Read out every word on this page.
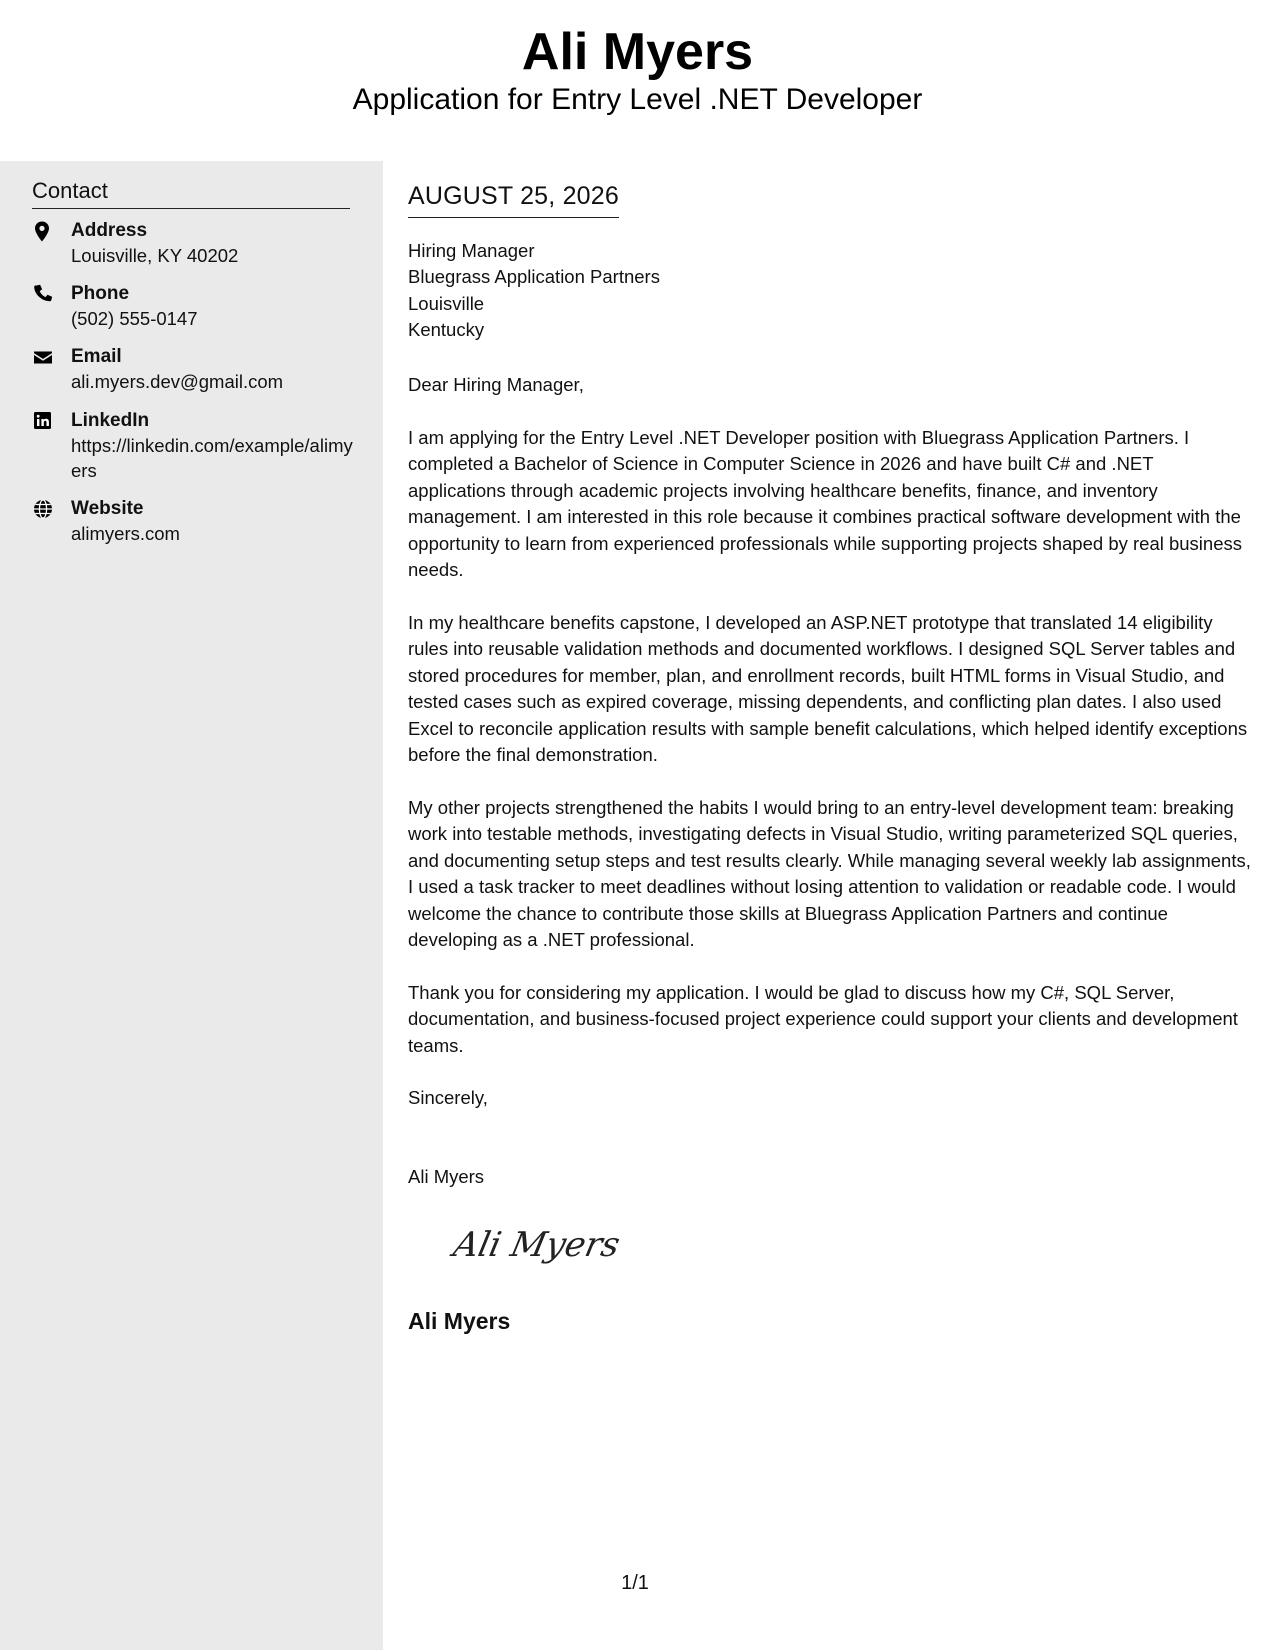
Ali Myers
Application for Entry Level .NET Developer
Contact
Address
Louisville, KY 40202
Phone
(502) 555-0147
Email
ali.myers.dev@gmail.com
LinkedIn
https://linkedin.com/example/alimyers
Website
alimyers.com
AUGUST 25, 2026
Hiring Manager
Bluegrass Application Partners
Louisville
Kentucky
Dear Hiring Manager,
I am applying for the Entry Level .NET Developer position with Bluegrass Application Partners. I completed a Bachelor of Science in Computer Science in 2026 and have built C# and .NET applications through academic projects involving healthcare benefits, finance, and inventory management. I am interested in this role because it combines practical software development with the opportunity to learn from experienced professionals while supporting projects shaped by real business needs.
In my healthcare benefits capstone, I developed an ASP.NET prototype that translated 14 eligibility rules into reusable validation methods and documented workflows. I designed SQL Server tables and stored procedures for member, plan, and enrollment records, built HTML forms in Visual Studio, and tested cases such as expired coverage, missing dependents, and conflicting plan dates. I also used Excel to reconcile application results with sample benefit calculations, which helped identify exceptions before the final demonstration.
My other projects strengthened the habits I would bring to an entry-level development team: breaking work into testable methods, investigating defects in Visual Studio, writing parameterized SQL queries, and documenting setup steps and test results clearly. While managing several weekly lab assignments, I used a task tracker to meet deadlines without losing attention to validation or readable code. I would welcome the chance to contribute those skills at Bluegrass Application Partners and continue developing as a .NET professional.
Thank you for considering my application. I would be glad to discuss how my C#, SQL Server, documentation, and business-focused project experience could support your clients and development teams.
Sincerely,
Ali Myers
Ali Myers
Ali Myers
1/1
